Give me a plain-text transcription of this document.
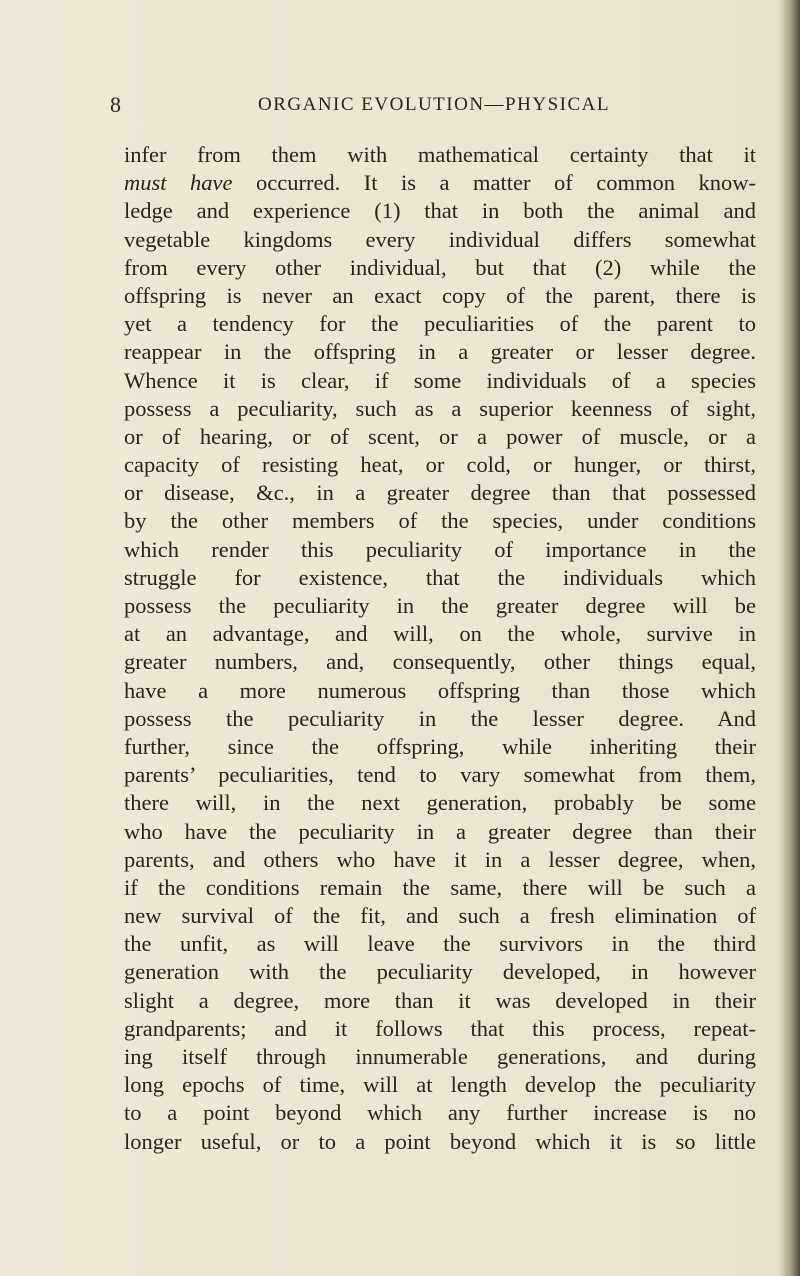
8	ORGANIC EVOLUTION—PHYSICAL
infer from them with mathematical certainty that it
must have occurred. It is a matter of common know-
ledge and experience (1) that in both the animal and
vegetable kingdoms every individual differs somewhat
from every other individual, but that (2) while the
offspring is never an exact copy of the parent, there is
yet a tendency for the peculiarities of the parent to
reappear in the offspring in a greater or lesser degree.
Whence it is clear, if some individuals of a species
possess a peculiarity, such as a superior keenness of sight,
or of hearing, or of scent, or a power of muscle, or a
capacity of resisting heat, or cold, or hunger, or thirst,
or disease, &c., in a greater degree than that possessed
by the other members of the species, under conditions
which render this peculiarity of importance in the
struggle for existence, that the individuals which
possess the peculiarity in the greater degree will be
at an advantage, and will, on the whole, survive in
greater numbers, and, consequently, other things equal,
have a more numerous offspring than those which
possess the peculiarity in the lesser degree. And
further, since the offspring, while inheriting their
parents’ peculiarities, tend to vary somewhat from them,
there will, in the next generation, probably be some
who have the peculiarity in a greater degree than their
parents, and others who have it in a lesser degree, when,
if the conditions remain the same, there will be such a
new survival of the fit, and such a fresh elimination of
the unfit, as will leave the survivors in the third
generation with the peculiarity developed, in however
slight a degree, more than it was developed in their
grandparents; and it follows that this process, repeat-
ing itself through innumerable generations, and during
long epochs of time, will at length develop the peculiarity
to a point beyond which any further increase is no
longer useful, or to a point beyond which it is so little
